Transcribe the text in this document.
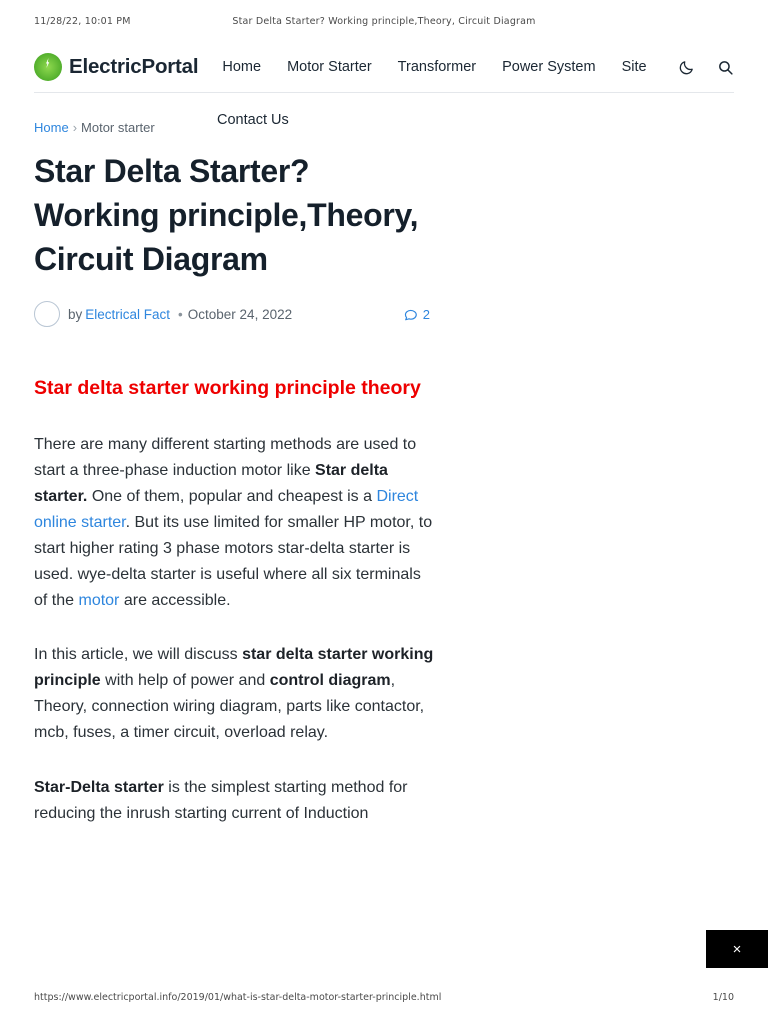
11/28/22, 10:01 PM	Star Delta Starter? Working principle,Theory, Circuit Diagram
ElectricPortal Home Motor Starter Transformer Power System Site
Contact Us
Home › Motor starter
Star Delta Starter? Working principle,Theory, Circuit Diagram
by Electrical Fact • October 24, 2022	2
Star delta starter working principle theory

There are many different starting methods are used to start a three-phase induction motor like Star delta starter. One of them, popular and cheapest is a Direct online starter. But its use limited for smaller HP motor, to start higher rating 3 phase motors star-delta starter is used. wye-delta starter is useful where all six terminals of the motor are accessible.

In this article, we will discuss star delta starter working principle with help of power and control diagram, Theory, connection wiring diagram, parts like contactor, mcb, fuses, a timer circuit, overload relay.

Star-Delta starter is the simplest starting method for reducing the inrush starting current of Induction

×
https://www.electricportal.info/2019/01/what-is-star-delta-motor-starter-principle.html	1/10
